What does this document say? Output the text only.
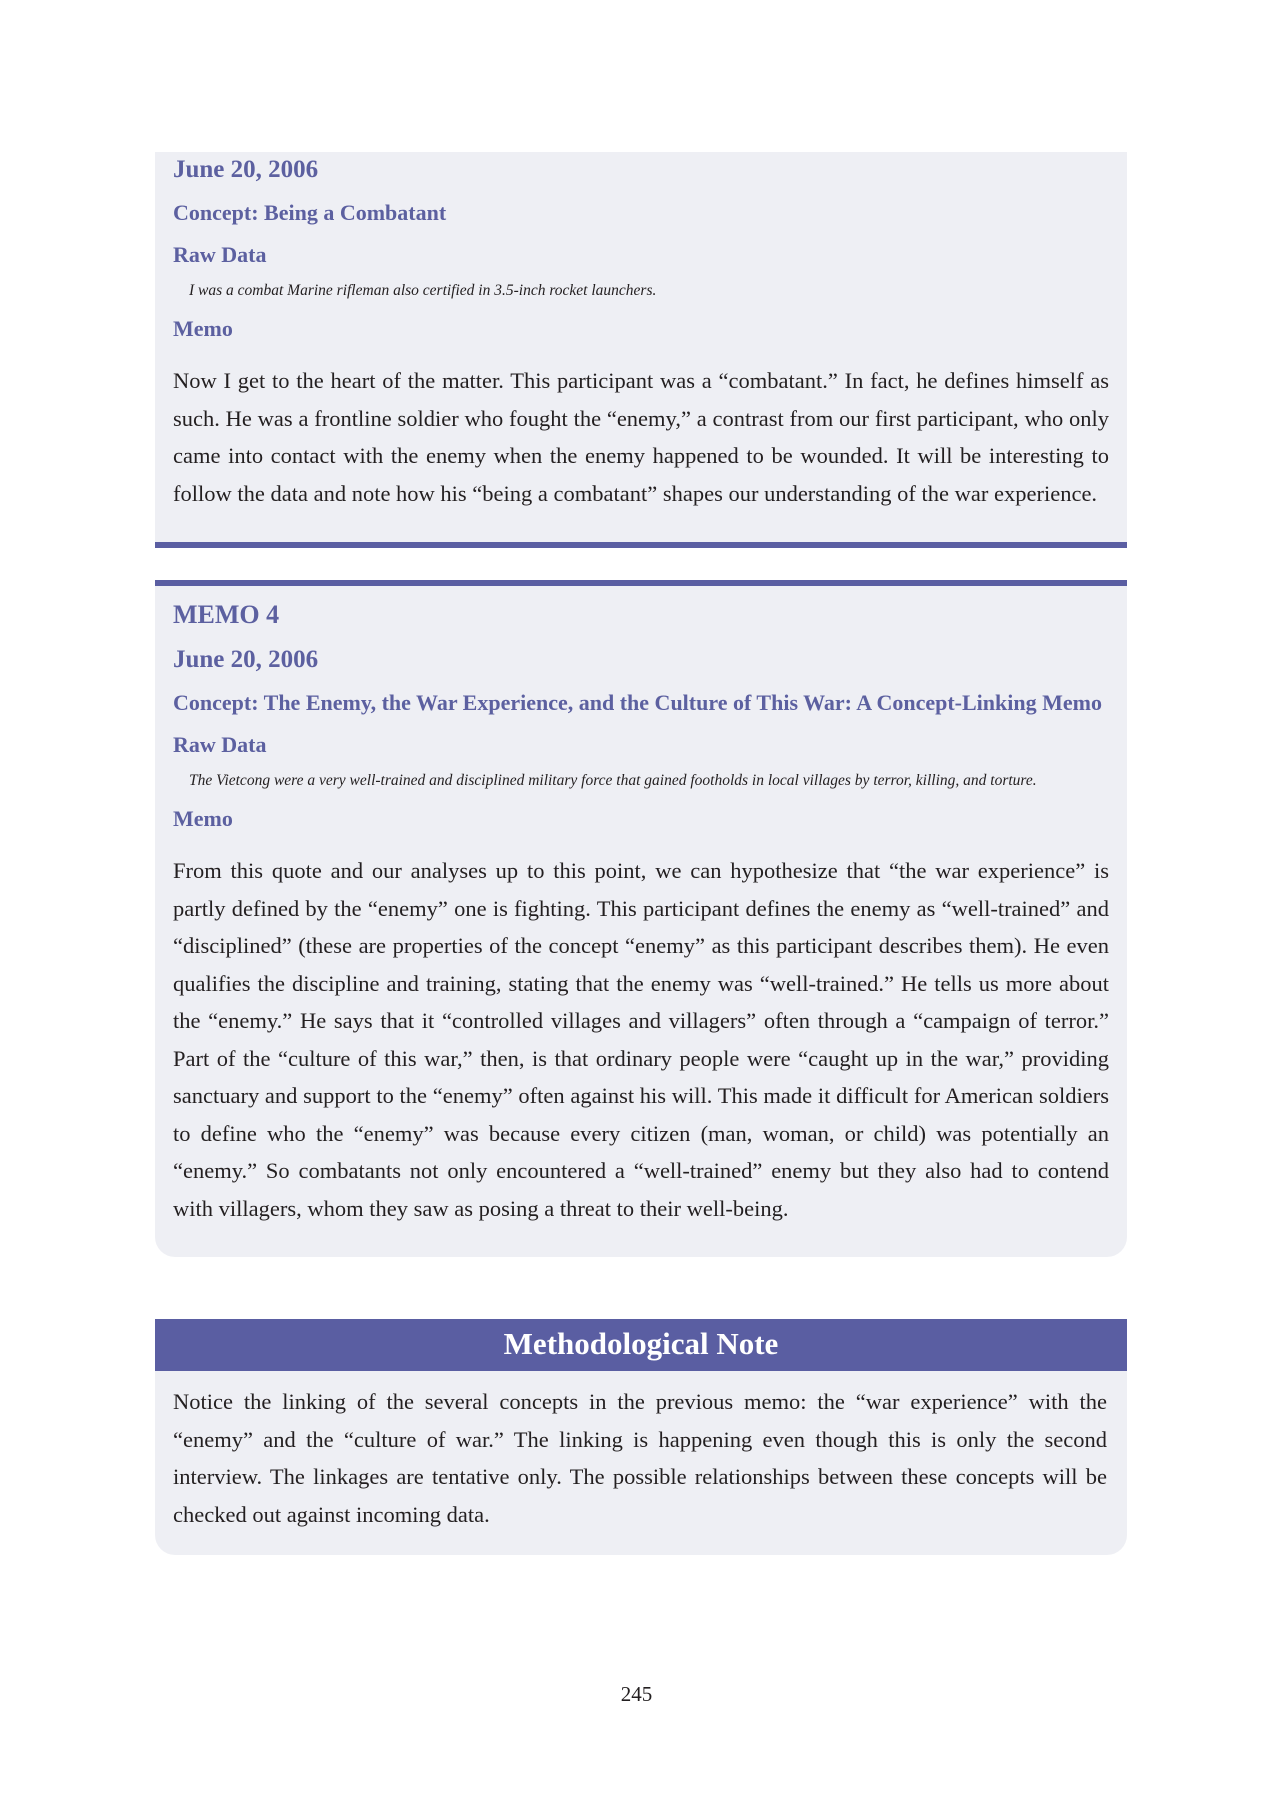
June 20, 2006
Concept: Being a Combatant
Raw Data

I was a combat Marine rifleman also certified in 3.5-inch rocket launchers.

Memo

Now I get to the heart of the matter. This participant was a “combatant.” In fact, he defines himself as such. He was a frontline soldier who fought the “enemy,” a contrast from our first participant, who only came into contact with the enemy when the enemy happened to be wounded. It will be interesting to follow the data and note how his “being a combatant” shapes our understanding of the war experience.

MEMO 4
June 20, 2006
Concept: The Enemy, the War Experience, and the Culture of This War: A Concept-Linking Memo
Raw Data

The Vietcong were a very well-trained and disciplined military force that gained footholds in local villages by terror, killing, and torture.

Memo

From this quote and our analyses up to this point, we can hypothesize that “the war experience” is partly defined by the “enemy” one is fighting. This participant defines the enemy as “well-trained” and “disciplined” (these are properties of the concept “enemy” as this participant describes them). He even qualifies the discipline and training, stating that the enemy was “well-trained.” He tells us more about the “enemy.” He says that it “controlled villages and villagers” often through a “campaign of terror.” Part of the “culture of this war,” then, is that ordinary people were “caught up in the war,” providing sanctuary and support to the “enemy” often against his will. This made it difficult for American soldiers to define who the “enemy” was because every citizen (man, woman, or child) was potentially an “enemy.” So combatants not only encountered a “well-trained” enemy but they also had to contend with villagers, whom they saw as posing a threat to their well-being.

Methodological Note

Notice the linking of the several concepts in the previous memo: the “war experience” with the “enemy” and the “culture of war.” The linking is happening even though this is only the second interview. The linkages are tentative only. The possible relationships between these concepts will be checked out against incoming data.

245
